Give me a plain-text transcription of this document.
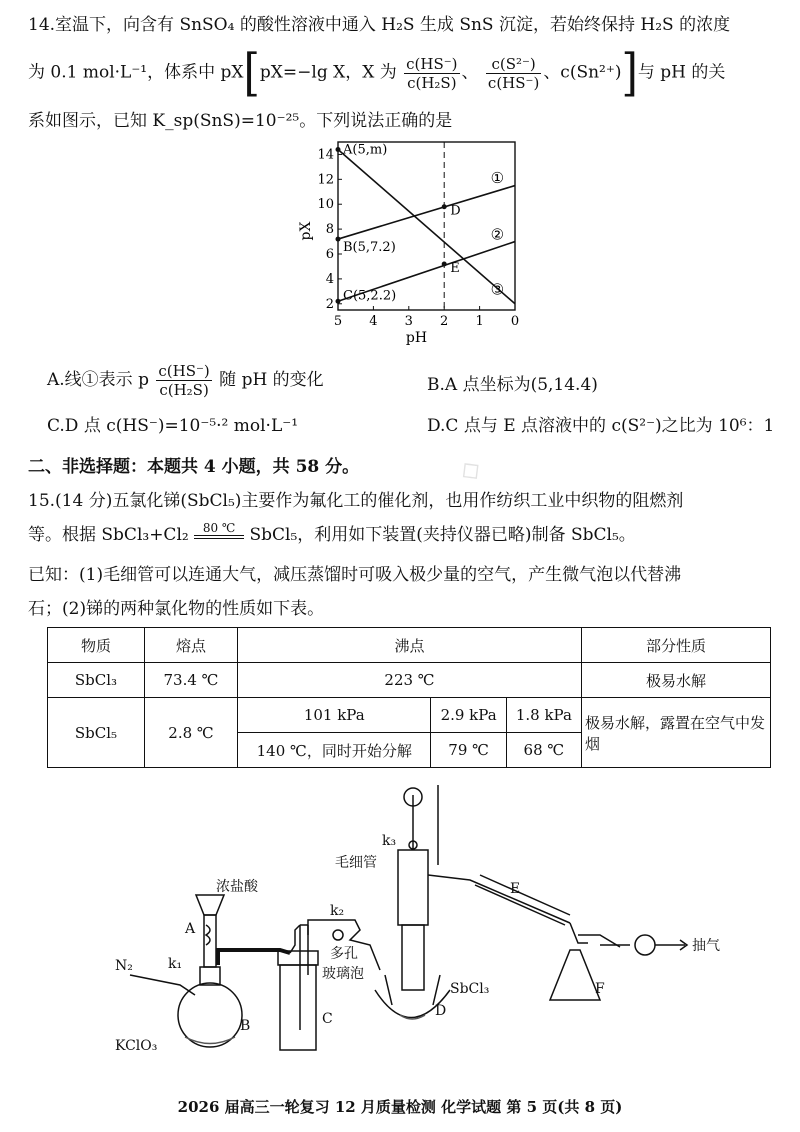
14.室温下，向含有 SnSO₄ 的酸性溶液中通入 H₂S 生成 SnS 沉淀，若始终保持 H₂S 的浓度
为 0.1 mol·L⁻¹，体系中 pX[pX=−lg X，X 为 $\frac{c(HS^-)}{\text{c(H₂S)}}$ 、 $\frac{\text{c(S²⁻)}}{c(HS^-)}$ 、c(Sn²⁺)]与 pH 的关
系如图示，已知 K_sp(SnS)=10⁻²⁵。下列说法正确的是
5 4 3 2 1 0
2
4
6
8
10
12
14
pH
pX
①
②
③
A(5,m)
B(5,7.2)
C(5,2.2)
D
E
A.线①表示 p $\frac{c(HS^-)}{\text{c(H₂S)}}$ 随 pH 的变化	B.A 点坐标为(5,14.4)
C.D 点 c(HS⁻)=10⁻⁵·² mol·L⁻¹	D.C 点与 E 点溶液中的 c(S²⁻)之比为 10⁶：1
二、非选择题：本题共 4 小题，共 58 分。
15.(14 分)五氯化锑(SbCl₅)主要作为氟化工的催化剂，也用作纺织工业中织物的阻燃剂
等。根据 SbCl₃+Cl₂	80 ℃ SbCl₅，利用如下装置(夹持仪器已略)制备 SbCl₅。
已知：(1)毛细管可以连通大气，减压蒸馏时可吸入极少量的空气，产生微气泡以代替沸
石；(2)锑的两种氯化物的性质如下表。
物质	熔点	沸点			部分性质
SbCl₃	73.4 ℃	223 ℃			极易水解
SbCl₅	2.8 ℃	101 kPa	2.9 kPa	1.8 kPa	极易水解，露置在空气中发烟
		140 ℃，同时开始分解	79 ℃	68 ℃	
浓盐酸
A
N₂	k₁
KClO₃
B	C
k₂
多孔
玻璃泡
SbCl₃
D
k₃
毛细管
E
F
抽气
◇
2026 届高三一轮复习 12 月质量检测 化学试题 第 5 页(共 8 页)
